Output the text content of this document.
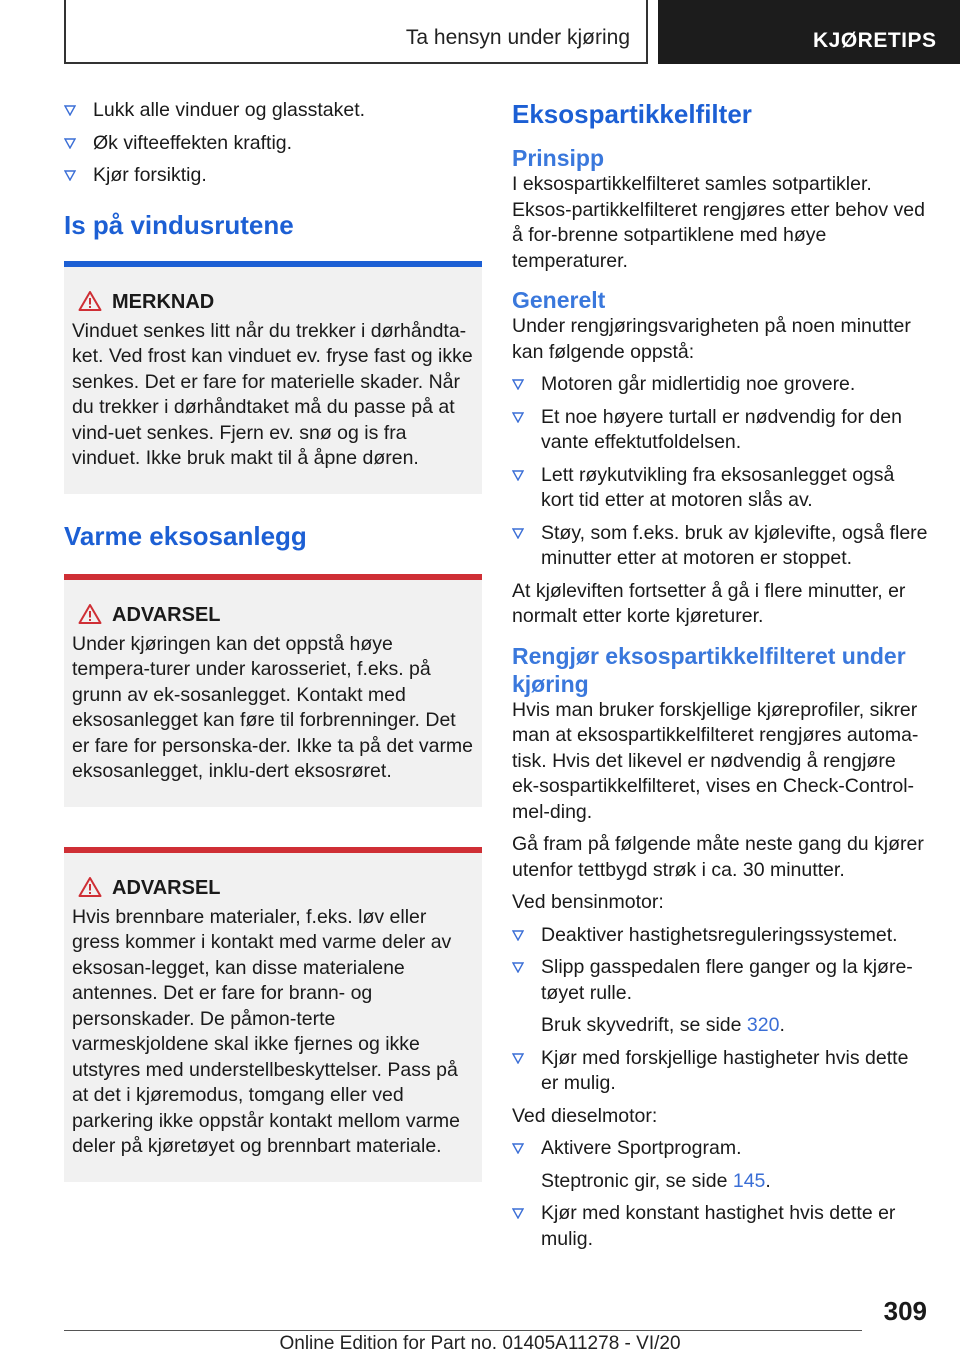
Ta hensyn under kjøring	KJØRETIPS
Lukk alle vinduer og glasstaket.
Øk vifteeffekten kraftig.
Kjør forsiktig.
Is på vindusrutene
MERKNAD
Vinduet senkes litt når du trekker i dørhåndta-ket. Ved frost kan vinduet ev. fryse fast og ikke senkes. Det er fare for materielle skader. Når du trekker i dørhåndtaket må du passe på at vind-uet senkes. Fjern ev. snø og is fra vinduet. Ikke bruk makt til å åpne døren.
Varme eksosanlegg
ADVARSEL
Under kjøringen kan det oppstå høye tempera-turer under karosseriet, f.eks. på grunn av ek-sosanlegget. Kontakt med eksosanlegget kan føre til forbrenninger. Det er fare for personska-der. Ikke ta på det varme eksosanlegget, inklu-dert eksosrøret.
ADVARSEL
Hvis brennbare materialer, f.eks. løv eller gress kommer i kontakt med varme deler av eksosan-legget, kan disse materialene antennes. Det er fare for brann- og personskader. De påmon-terte varmeskjoldene skal ikke fjernes og ikke utstyres med understellbeskyttelser. Pass på at det i kjøremodus, tomgang eller ved parkering ikke oppstår kontakt mellom varme deler på kjøretøyet og brennbart materiale.
Eksospartikkelfilter
Prinsipp

I eksospartikkelfilteret samles sotpartikler. Eksos-partikkelfilteret rengjøres etter behov ved å for-brenne sotpartiklene med høye temperaturer.

Generelt

Under rengjøringsvarigheten på noen minutter kan følgende oppstå:

Motoren går midlertidig noe grovere.
Et noe høyere turtall er nødvendig for den vante effektutfoldelsen.
Lett røykutvikling fra eksosanlegget også kort tid etter at motoren slås av.
Støy, som f.eks. bruk av kjølevifte, også flere minutter etter at motoren er stoppet.

At kjøleviften fortsetter å gå i flere minutter, er normalt etter korte kjøreturer.

Rengjør eksospartikkelfilteret under kjøring

Hvis man bruker forskjellige kjøreprofiler, sikrer man at eksospartikkelfilteret rengjøres automa-tisk. Hvis det likevel er nødvendig å rengjøre ek-sospartikkelfilteret, vises en Check-Control-mel-ding.

Gå fram på følgende måte neste gang du kjører utenfor tettbygd strøk i ca. 30 minutter.

Ved bensinmotor:

Deaktiver hastighetsreguleringssystemet.
Slipp gasspedalen flere ganger og la kjøre-tøyet rulle.
Bruk skyvedrift, se side 320.
Kjør med forskjellige hastigheter hvis dette er mulig.

Ved dieselmotor:

Aktivere Sportprogram.
Steptronic gir, se side 145.
Kjør med konstant hastighet hvis dette er mulig.
309
Online Edition for Part no. 01405A11278 - VI/20
